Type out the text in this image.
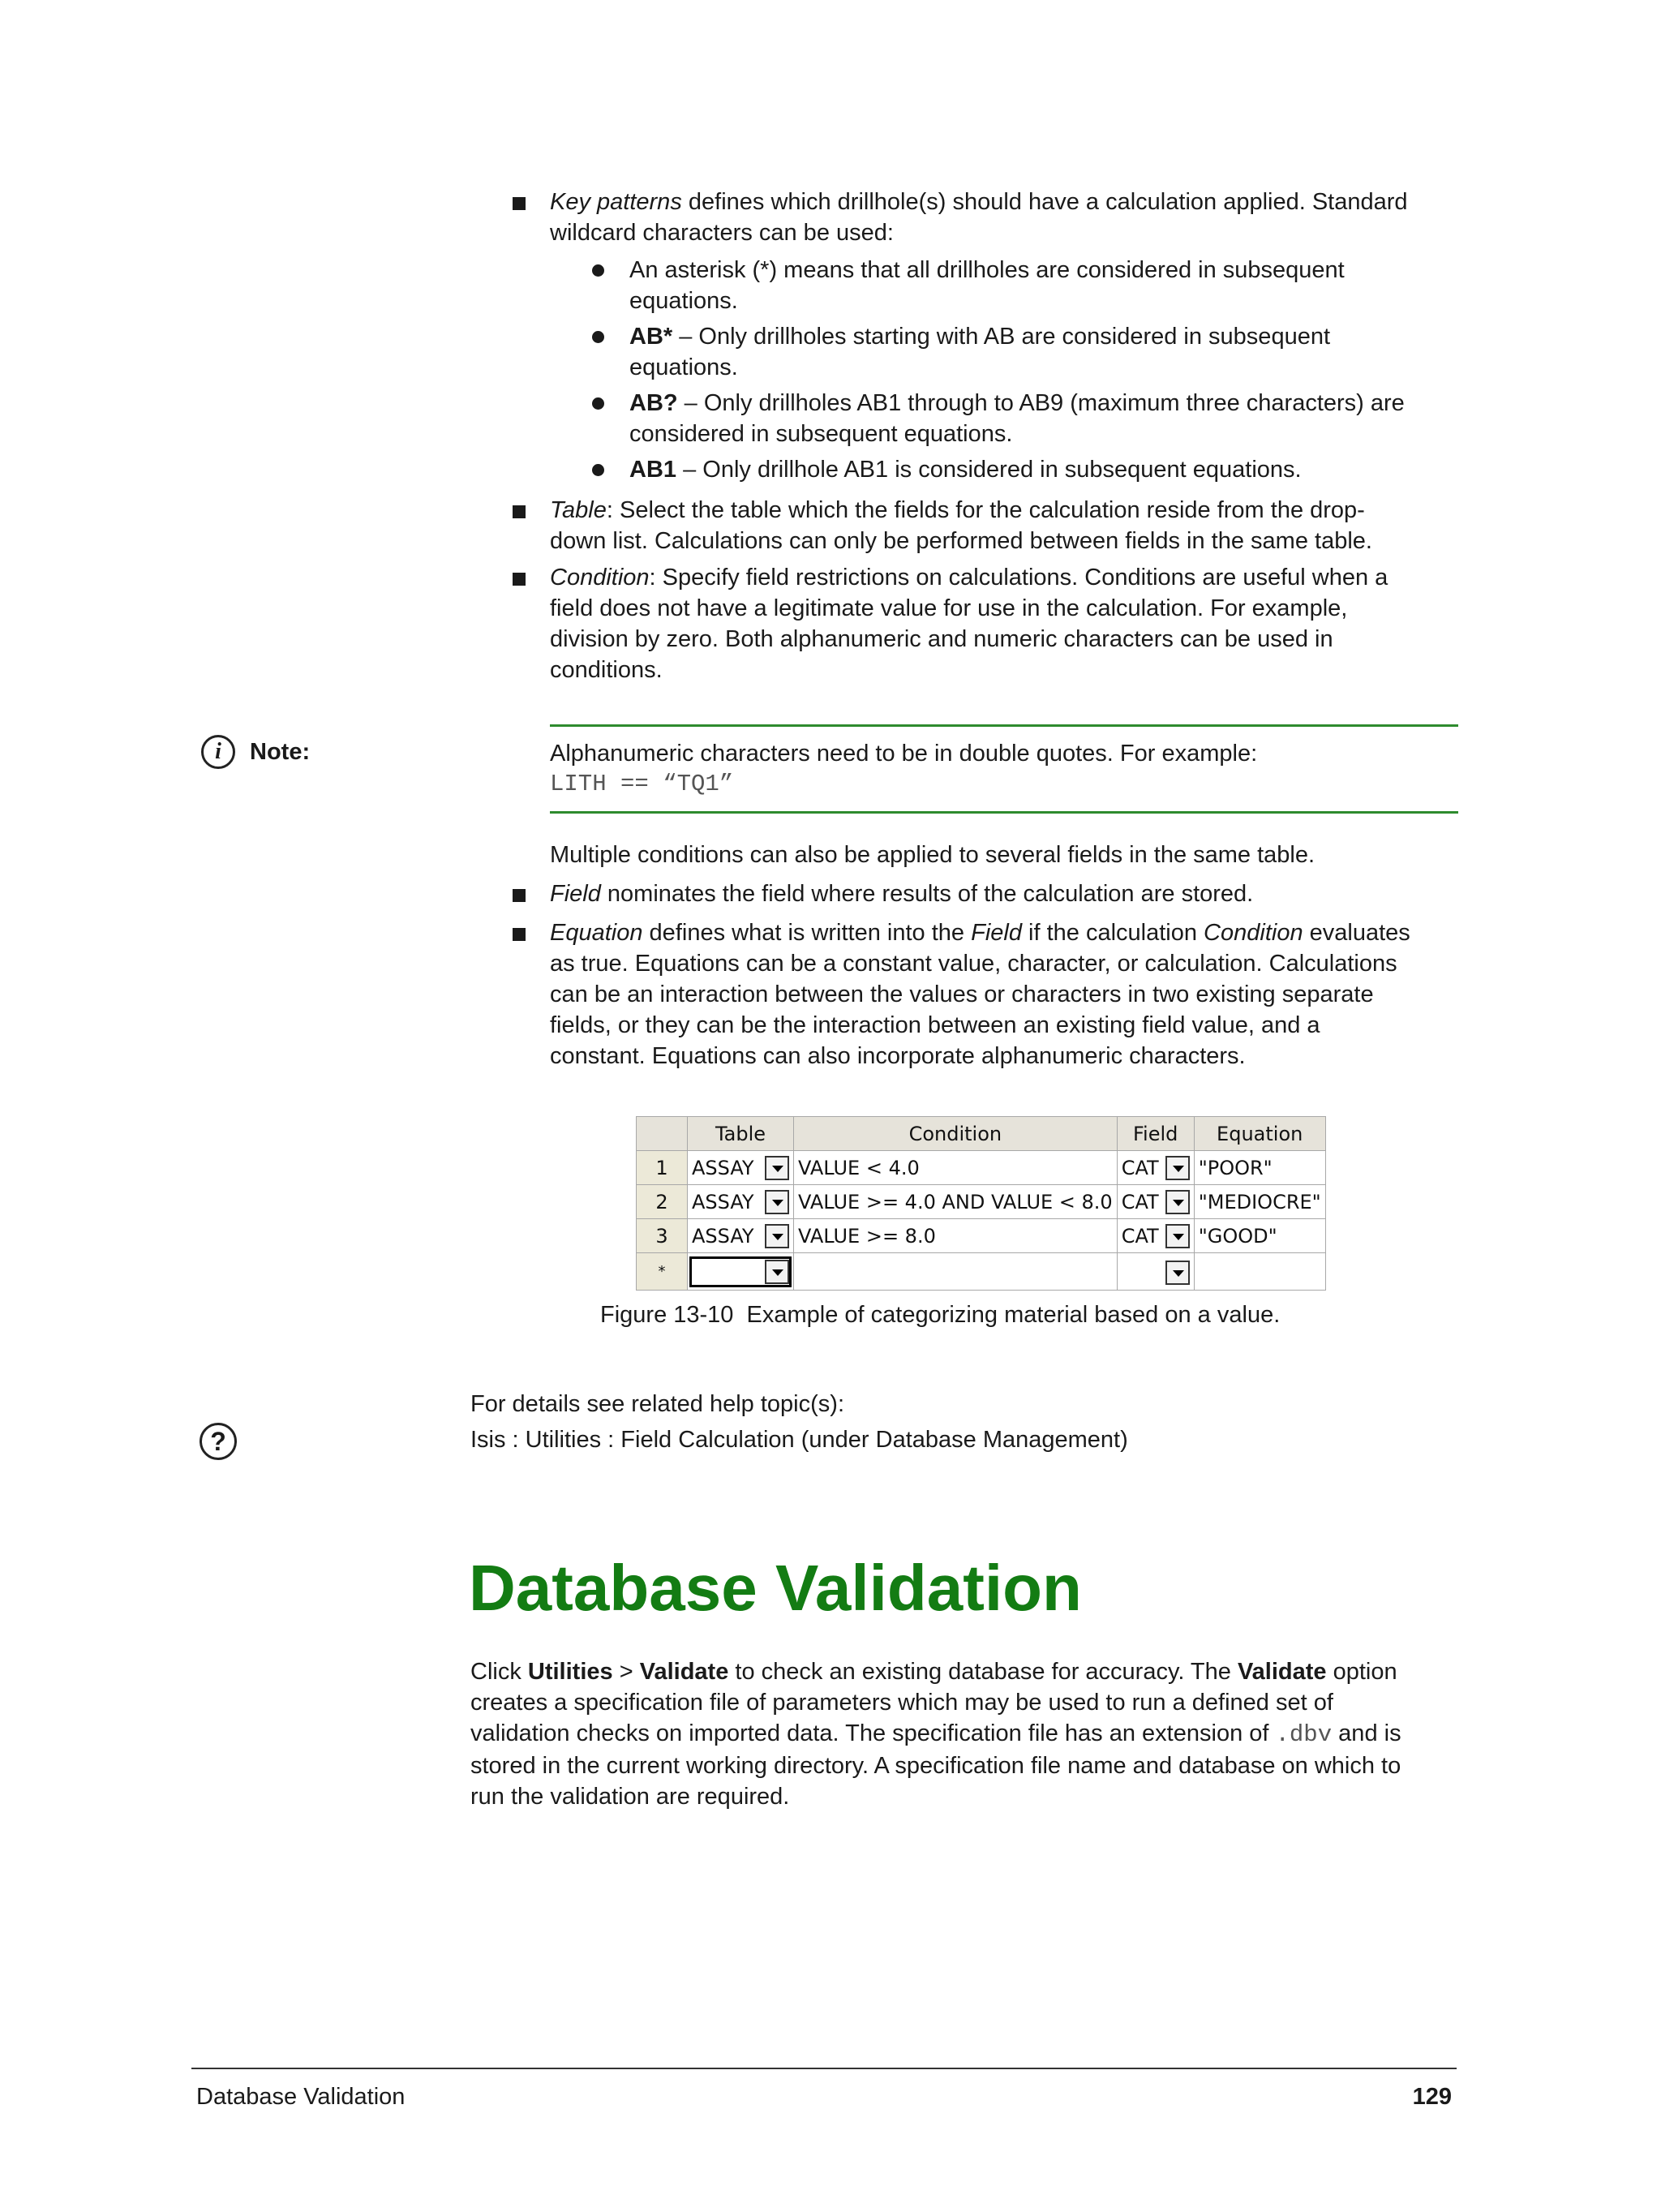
Key patterns defines which drillhole(s) should have a calculation applied. Standard

wildcard characters can be used:

An asterisk (*) means that all drillholes are considered in subsequent

equations.

AB* – Only drillholes starting with AB are considered in subsequent

equations.

AB? – Only drillholes AB1 through to AB9 (maximum three characters) are

considered in subsequent equations.

AB1 – Only drillhole AB1 is considered in subsequent equations.

Table: Select the table which the fields for the calculation reside from the drop-

down list. Calculations can only be performed between fields in the same table.

Condition: Specify field restrictions on calculations. Conditions are useful when a

field does not have a legitimate value for use in the calculation. For example,

division by zero. Both alphanumeric and numeric characters can be used in

conditions.

i	Note:	Alphanumeric characters need to be in double quotes. For example:

LITH == “TQ1”

Multiple conditions can also be applied to several fields in the same table.

Field nominates the field where results of the calculation are stored.

Equation defines what is written into the Field if the calculation Condition evaluates

as true. Equations can be a constant value, character, or calculation. Calculations

can be an interaction between the values or characters in two existing separate

fields, or they can be the interaction between an existing field value, and a

constant. Equations can also incorporate alphanumeric characters.

	Table	Condition	Field	Equation
1	ASSAY	VALUE < 4.0	CAT	"POOR"
2	ASSAY	VALUE >= 4.0 AND VALUE < 8.0	CAT	"MEDIOCRE"
3	ASSAY	VALUE >= 8.0	CAT	"GOOD"
*	

Figure 13-10  Example of categorizing material based on a value.
?
For details see related help topic(s):
Isis : Utilities : Field Calculation (under Database Management)
Database Validation

Click Utilities > Validate to check an existing database for accuracy. The Validate option

creates a specification file of parameters which may be used to run a defined set of

validation checks on imported data. The specification file has an extension of .dbv and is

stored in the current working directory. A specification file name and database on which to

run the validation are required.

Database Validation	129
